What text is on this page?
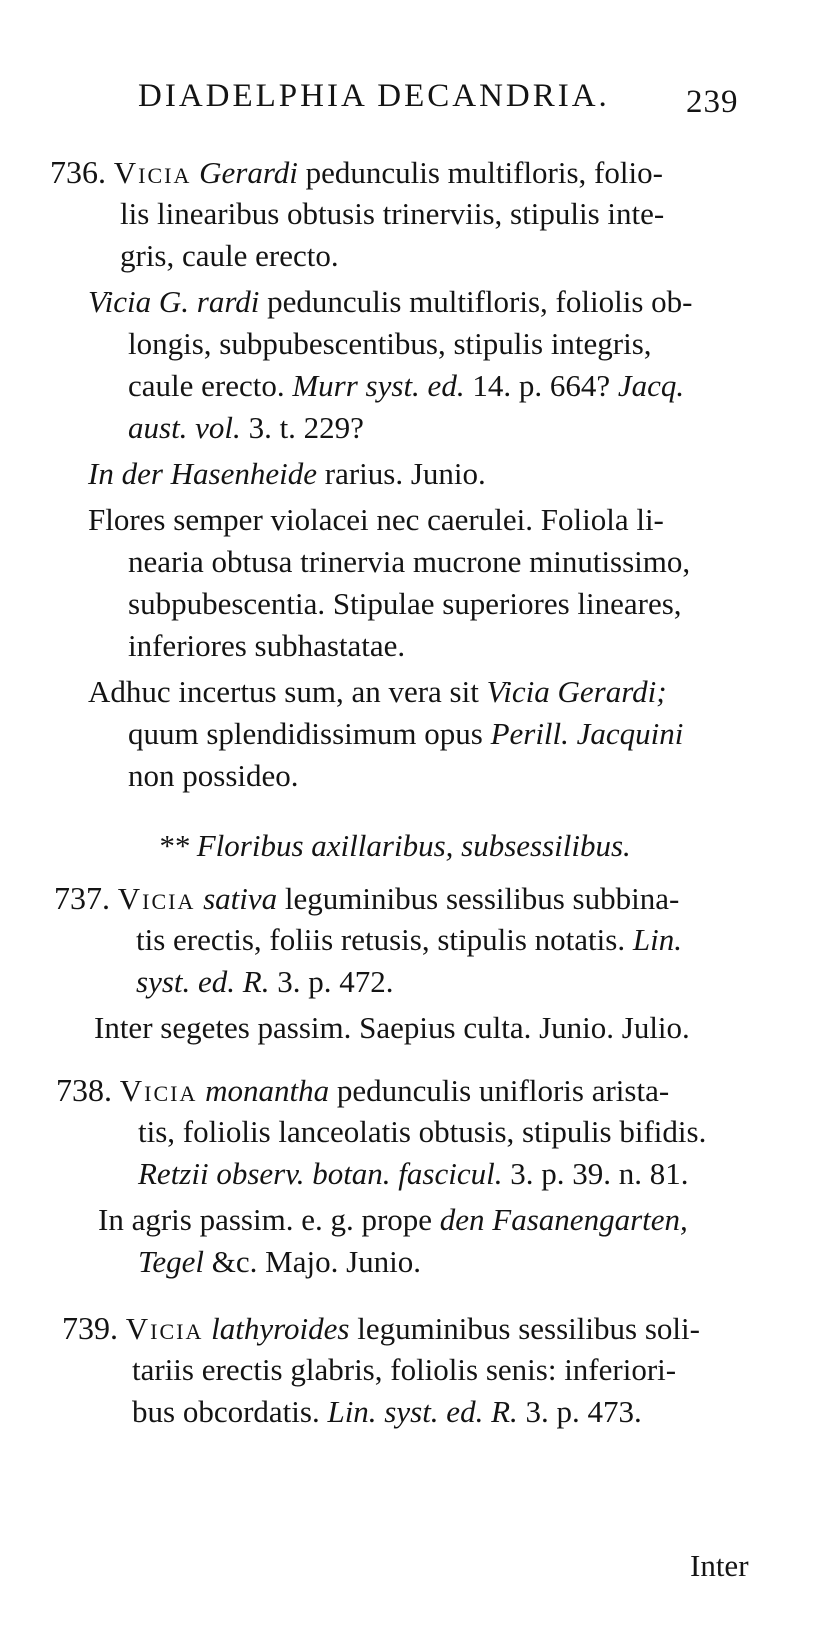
DIADELPHIA DECANDRIA. 239
736. Vicia Gerardi pedunculis multifloris, folio-
lis linearibus obtusis trinerviis, stipulis inte-
gris, caule erecto.
Vicia G. rardi pedunculis multifloris, foliolis ob-
longis, subpubescentibus, stipulis integris,
caule erecto. Murr syst. ed. 14. p. 664? Jacq.
aust. vol. 3. t. 229?
In der Hasenheide rarius. Junio.
Flores semper violacei nec caerulei. Foliola li-
nearia obtusa trinervia mucrone minutissimo,
subpubescentia. Stipulae superiores lineares,
inferiores subhastatae.
Adhuc incertus sum, an vera sit Vicia Gerardi;
quum splendidissimum opus Perill. Jacquini
non possideo.
** Floribus axillaribus, subsessilibus.
737. Vicia sativa leguminibus sessilibus subbina-
tis erectis, foliis retusis, stipulis notatis. Lin.
syst. ed. R. 3. p. 472.
Inter segetes passim. Saepius culta. Junio. Julio.
738. Vicia monantha pedunculis unifloris arista-
tis, foliolis lanceolatis obtusis, stipulis bifidis.
Retzii observ. botan. fascicul. 3. p. 39. n. 81.
In agris passim. e. g. prope den Fasanengarten,
Tegel &c. Majo. Junio.
739. Vicia lathyroides leguminibus sessilibus soli-
tariis erectis glabris, foliolis senis: inferiori-
bus obcordatis. Lin. syst. ed. R. 3. p. 473.
Inter
